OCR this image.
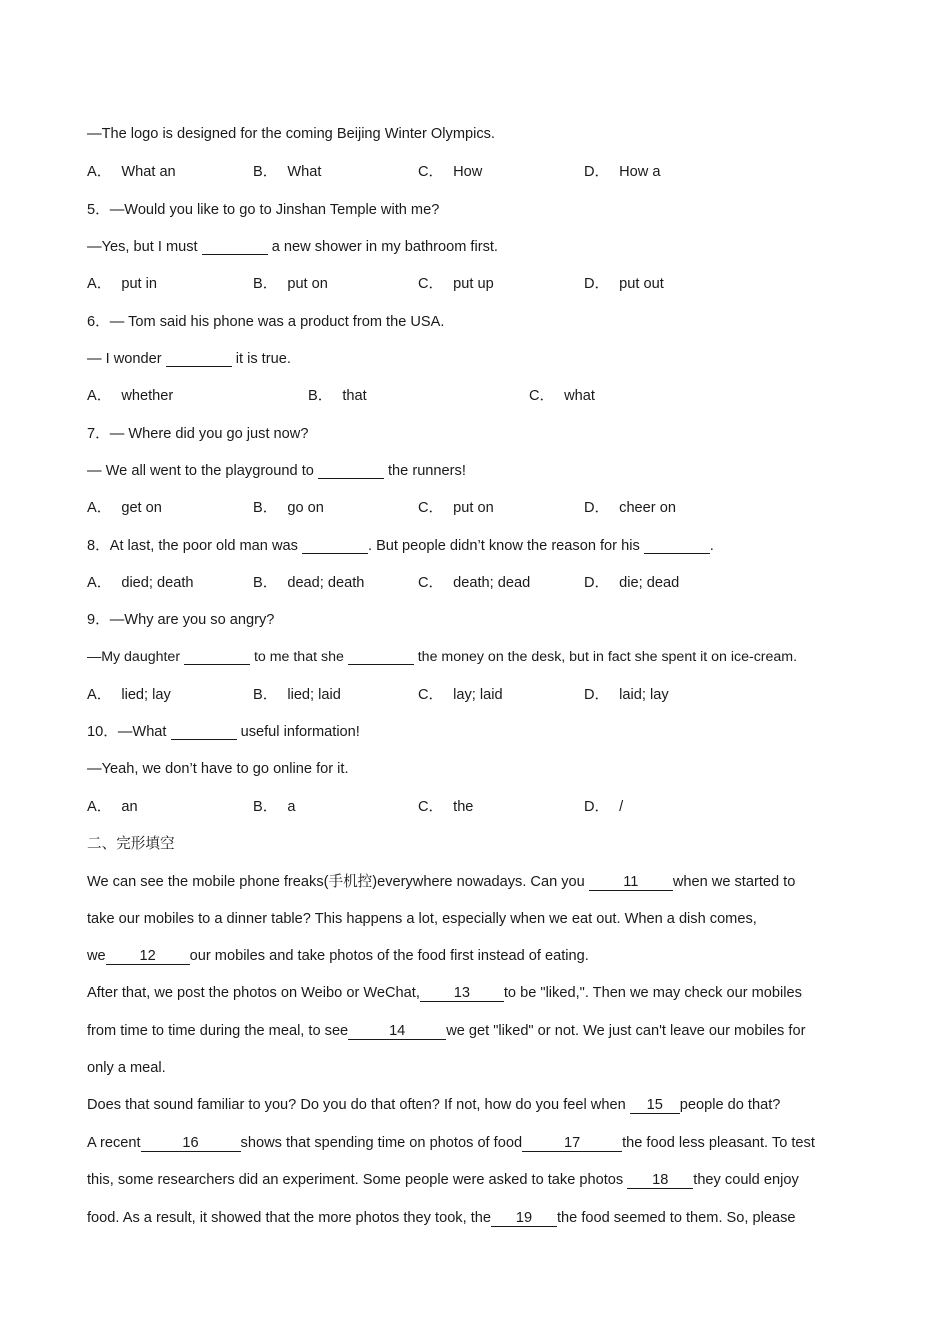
—The logo is designed for the coming Beijing Winter Olympics.
A． What an	B． What	C． How	D． How a
5．—Would you like to go to Jinshan Temple with me?
—Yes, but I must	a new shower in my bathroom first.
A． put in	B． put on	C． put up	D． put out
6．— Tom said his phone was a product from the USA.
— I wonder	it is true.
A． whether	B． that	C． what
7．— Where did you go just now?
— We all went to the playground to	the runners!
A． get on	B． go on	C． put on	D． cheer on
8．At last, the poor old man was	. But people didn’t know the reason for his	.
A． died; death	B． dead; death	C． death; dead	D． die; dead
9．—Why are you so angry?
—My daughter	to me that she	the money on the desk, but in fact she spent it on ice-cream.
A． lied; lay	B． lied; laid	C． lay; laid	D． laid; lay
10．—What	useful information!
—Yeah, we don’t have to go online for it.
A． an	B． a	C． the	D． /
二、完形填空
We can see the mobile phone freaks(手机控)everywhere nowadays. Can you 11 when we started to
take our mobiles to a dinner table? This happens a lot, especially when we eat out. When a dish comes,
we 12 our mobiles and take photos of the food first instead of eating.
After that, we post the photos on Weibo or WeChat, 13 to be "liked,". Then we may check our mobiles
from time to time during the meal, to see	14	we get "liked" or not. We just can't leave our mobiles for
only a meal.
Does that sound familiar to you? Do you do that often? If not, how do you feel when 15 people do that?
A recent	16	shows that spending time on photos of food	17	the food less pleasant. To test
this, some researchers did an experiment. Some people were asked to take photos 18 they could enjoy
food. As a result, it showed that the more photos they took, the 19 the food seemed to them. So, please
